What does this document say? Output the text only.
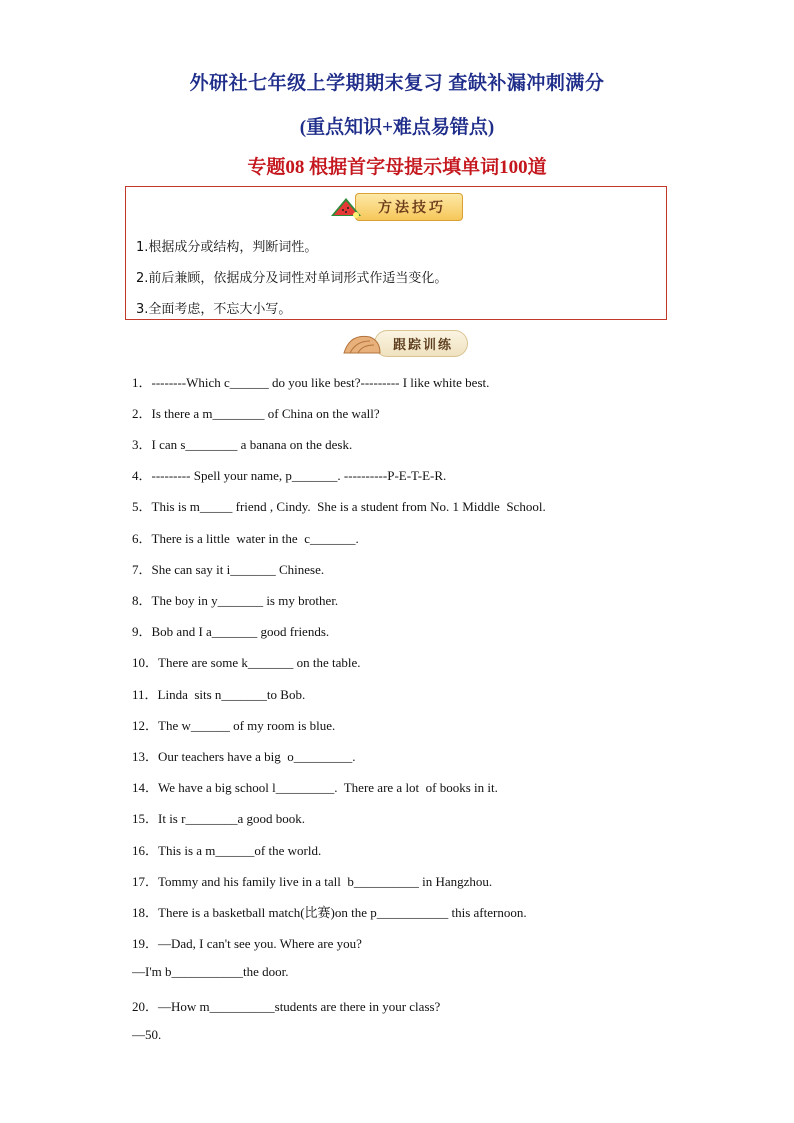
外研社七年级上学期期末复习 查缺补漏冲刺满分
(重点知识+难点易错点)
专题08 根据首字母提示填单词100道
方法技巧
1.根据成分或结构，判断词性。
2.前后兼顾，依据成分及词性对单词形式作适当变化。
3.全面考虑，不忘大小写。
跟踪训练
1．--------Which c______ do you like best?--------- I like white best.
2．Is there a m________ of China on the wall?
3．I can s________ a banana on the desk.
4．--------- Spell your name, p_______. ----------P-E-T-E-R.
5．This is m_____ friend , Cindy.  She is a student from No. 1 Middle  School.
6．There is a little  water in the  c_______.
7．She can say it i_______ Chinese.
8．The boy in y_______ is my brother.
9．Bob and I a_______ good friends.
10．There are some k_______ on the table.
11．Linda  sits n_______to Bob.
12．The w______ of my room is blue.
13．Our teachers have a big  o_________.
14．We have a big school l_________.  There are a lot  of books in it.
15．It is r________a good book.
16．This is a m______of the world.
17．Tommy and his family live in a tall  b__________ in Hangzhou.
18．There is a basketball match(比赛)on the p___________ this afternoon.
19．—Dad, I can't see you. Where are you?
—I'm b___________the door.
20．—How m__________students are there in your class?
—50.
